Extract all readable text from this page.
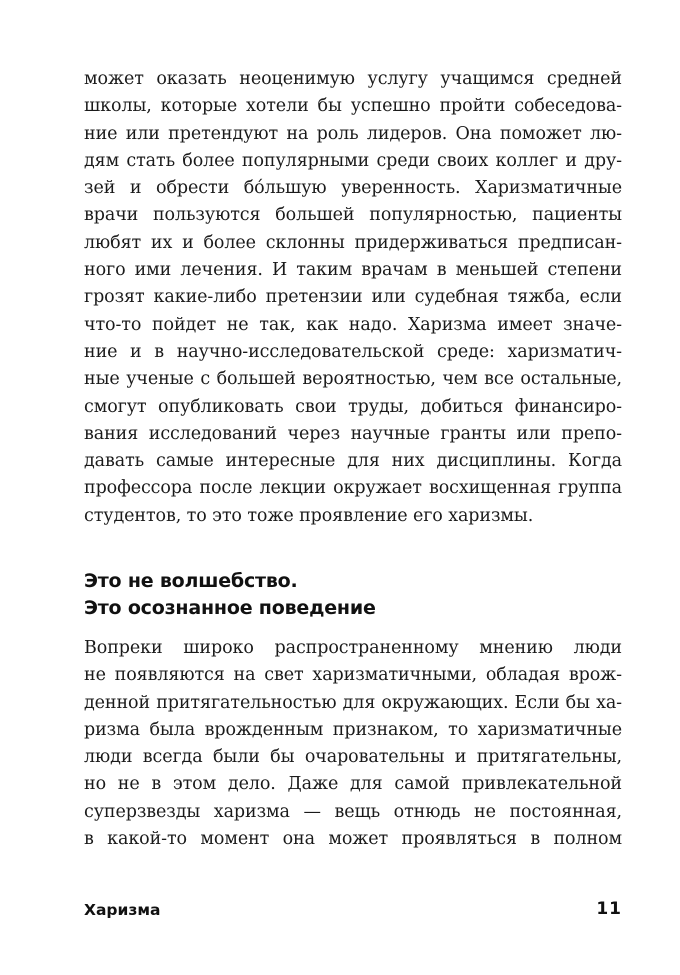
может оказать неоценимую услугу учащимся средней
школы, которые хотели бы успешно пройти собеседова-
ние или претендуют на роль лидеров. Она поможет лю-
дям стать более популярными среди своих коллег и дру-
зей и обрести бóльшую уверенность. Харизматичные
врачи пользуются большей популярностью, пациенты
любят их и более склонны придерживаться предписан-
ного ими лечения. И таким врачам в меньшей степени
грозят какие-либо претензии или судебная тяжба, если
что-то пойдет не так, как надо. Харизма имеет значе-
ние и в научно-исследовательской среде: харизматич-
ные ученые с большей вероятностью, чем все остальные,
смогут опубликовать свои труды, добиться финансиро-
вания исследований через научные гранты или препо-
давать самые интересные для них дисциплины. Когда
профессора после лекции окружает восхищенная группа
студентов, то это тоже проявление его харизмы.

Это не волшебство.
Это осознанное поведение

Вопреки широко распространенному мнению люди
не появляются на свет харизматичными, обладая врож-
денной притягательностью для окружающих. Если бы ха-
ризма была врожденным признаком, то харизматичные
люди всегда были бы очаровательны и притягательны,
но не в этом дело. Даже для самой привлекательной
суперзвезды харизма — вещь отнюдь не постоянная,
в какой-то момент она может проявляться в полном

Харизма	11
